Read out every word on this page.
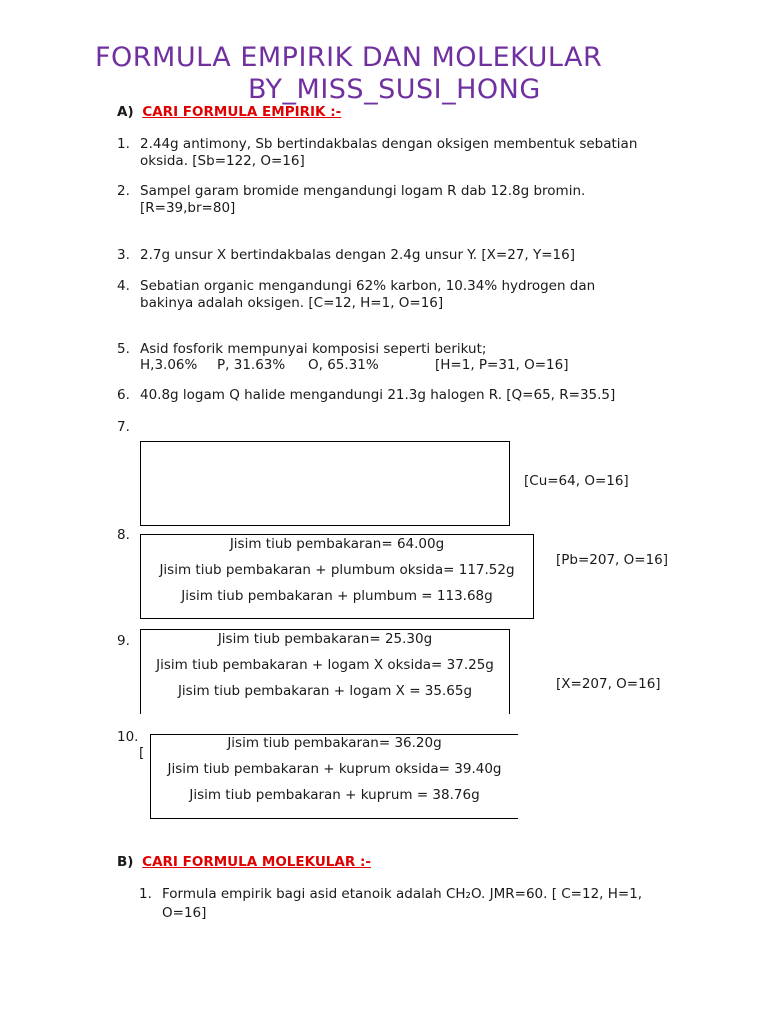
FORMULA EMPIRIK DAN MOLEKULAR
BY_MISS_SUSI_HONG
A) CARI FORMULA EMPIRIK :-
1. 2.44g antimony, Sb bertindakbalas dengan oksigen membentuk sebatian
oksida. [Sb=122, O=16]
2. Sampel garam bromide mengandungi logam R dab 12.8g bromin.
[R=39,br=80]
3. 2.7g unsur X bertindakbalas dengan 2.4g unsur Y. [X=27, Y=16]
4. Sebatian organic mengandungi 62% karbon, 10.34% hydrogen dan
bakinya adalah oksigen. [C=12, H=1, O=16]
5. Asid fosforik mempunyai komposisi seperti berikut;
H,3.06% P, 31.63% O, 65.31%	[H=1, P=31, O=16]
6. 40.8g logam Q halide mengandungi 21.3g halogen R. [Q=65, R=35.5]
7.
[Cu=64, O=16]
8.
Jisim tiub pembakaran= 64.00g
Jisim tiub pembakaran + plumbum oksida= 117.52g
Jisim tiub pembakaran + plumbum = 113.68g
[Pb=207, O=16]
9.	Jisim tiub pembakaran= 25.30g
Jisim tiub pembakaran + logam X oksida= 37.25g
Jisim tiub pembakaran + logam X = 35.65g	[X=207, O=16]
10.
[
Jisim tiub pembakaran= 36.20g
Jisim tiub pembakaran + kuprum oksida= 39.40g
Jisim tiub pembakaran + kuprum = 38.76g
B) CARI FORMULA MOLEKULAR :-
1. Formula empirik bagi asid etanoik adalah CH₂O. JMR=60. [ C=12, H=1,
O=16]
